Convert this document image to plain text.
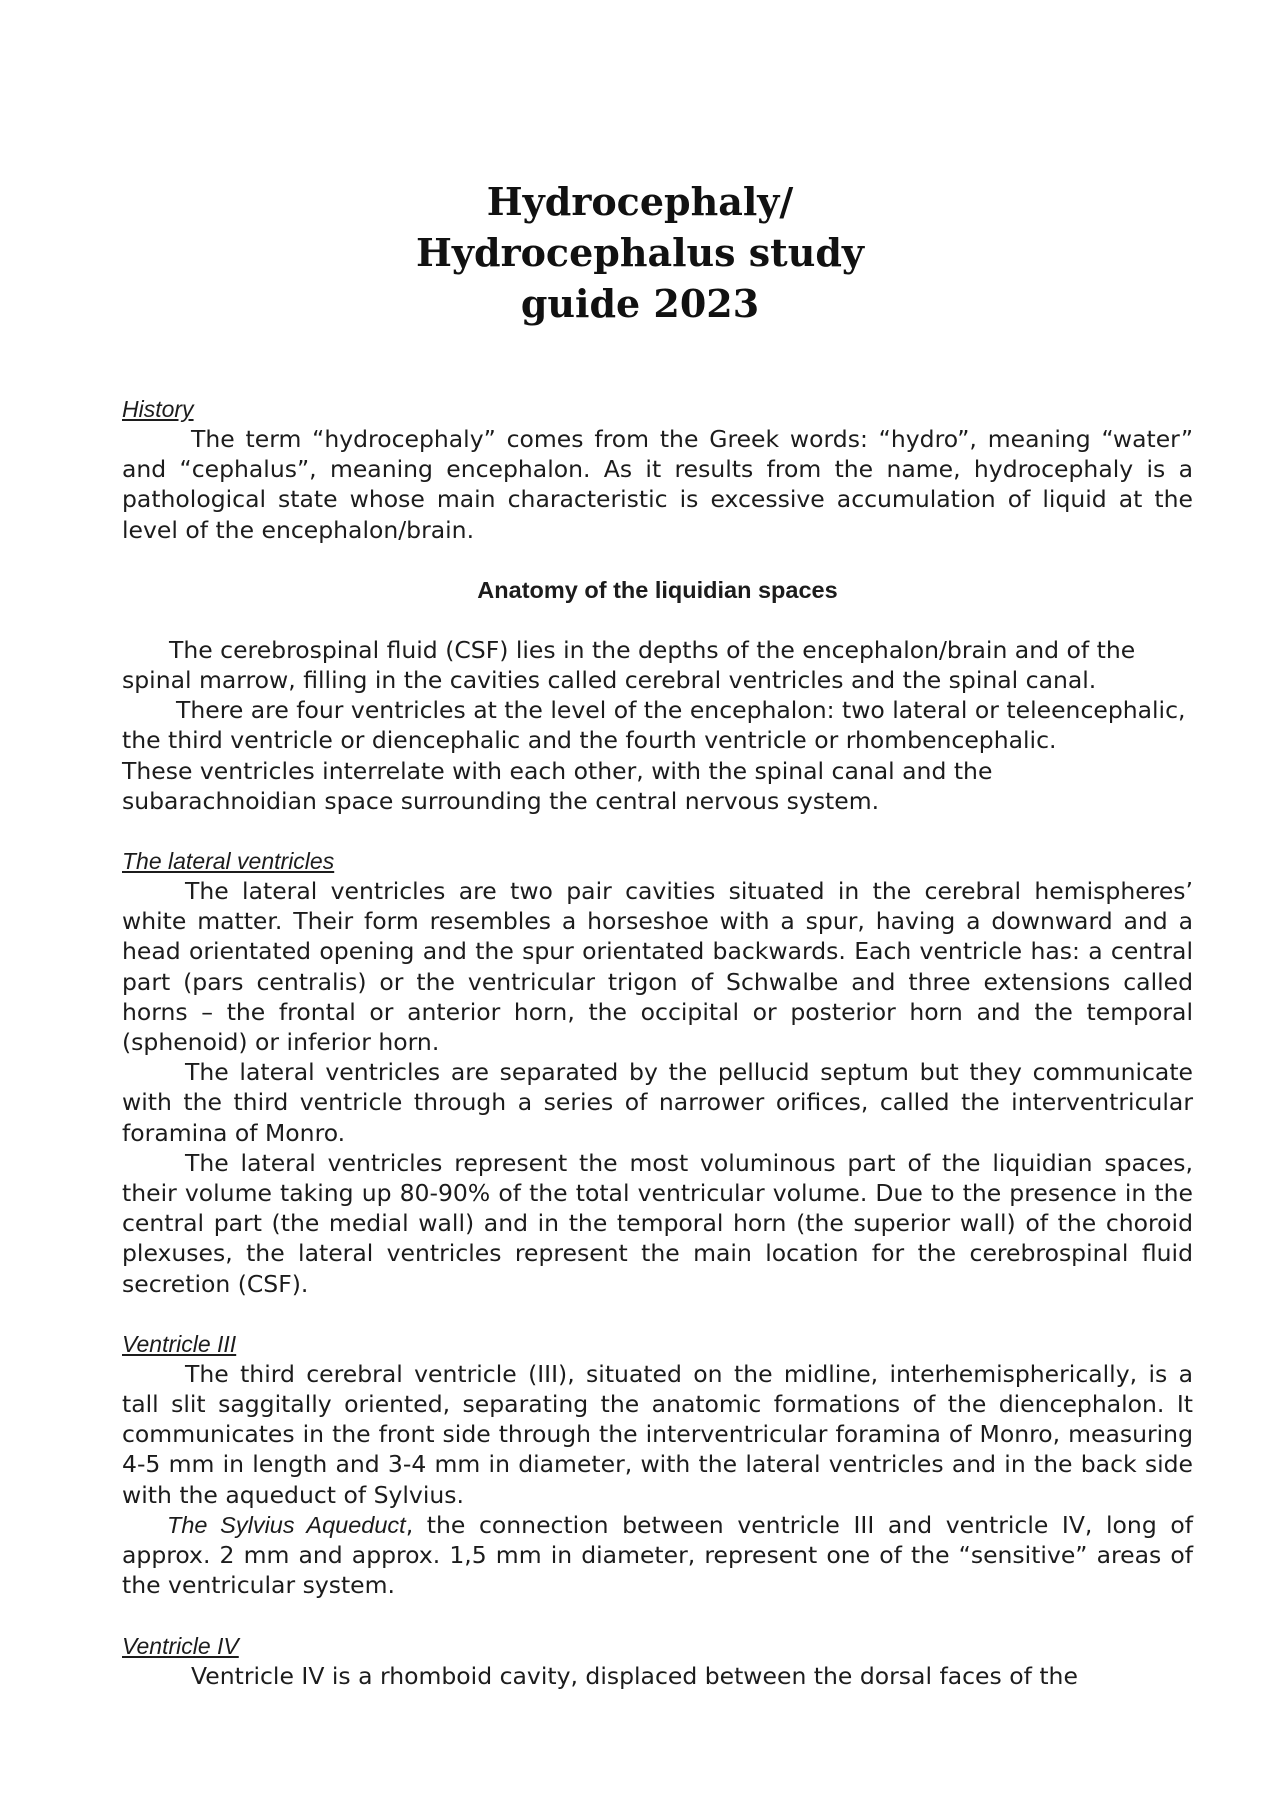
Hydrocephaly/
Hydrocephalus study
guide 2023

History

The term “hydrocephaly” comes from the Greek words: “hydro”, meaning “water” and “cephalus”, meaning encephalon. As it results from the name, hydrocephaly is a pathological state whose main characteristic is excessive accumulation of liquid at the level of the encephalon/brain.

Anatomy of the liquidian spaces

The cerebrospinal fluid (CSF) lies in the depths of the encephalon/brain and of the spinal marrow, filling in the cavities called cerebral ventricles and the spinal canal.

There are four ventricles at the level of the encephalon: two lateral or teleencephalic, the third ventricle or diencephalic and the fourth ventricle or rhombencephalic.

These ventricles interrelate with each other, with the spinal canal and the subarachnoidian space surrounding the central nervous system.

The lateral ventricles

The lateral ventricles are two pair cavities situated in the cerebral hemispheres’ white matter. Their form resembles a horseshoe with a spur, having a downward and a head orientated opening and the spur orientated backwards. Each ventricle has: a central part (pars centralis) or the ventricular trigon of Schwalbe and three extensions called horns – the frontal or anterior horn, the occipital or posterior horn and the temporal (sphenoid) or inferior horn.

The lateral ventricles are separated by the pellucid septum but they communicate with the third ventricle through a series of narrower orifices, called the interventricular foramina of Monro.

The lateral ventricles represent the most voluminous part of the liquidian spaces, their volume taking up 80-90% of the total ventricular volume. Due to the presence in the central part (the medial wall) and in the temporal horn (the superior wall) of the choroid plexuses, the lateral ventricles represent the main location for the cerebrospinal fluid secretion (CSF).

Ventricle III

The third cerebral ventricle (III), situated on the midline, interhemispherically, is a tall slit saggitally oriented, separating the anatomic formations of the diencephalon. It communicates in the front side through the interventricular foramina of Monro, measuring 4-5 mm in length and 3-4 mm in diameter, with the lateral ventricles and in the back side with the aqueduct of Sylvius.

The Sylvius Aqueduct, the connection between ventricle III and ventricle IV, long of approx. 2 mm and approx. 1,5 mm in diameter, represent one of the “sensitive” areas of the ventricular system.

Ventricle IV

Ventricle IV is a rhomboid cavity, displaced between the dorsal faces of the
